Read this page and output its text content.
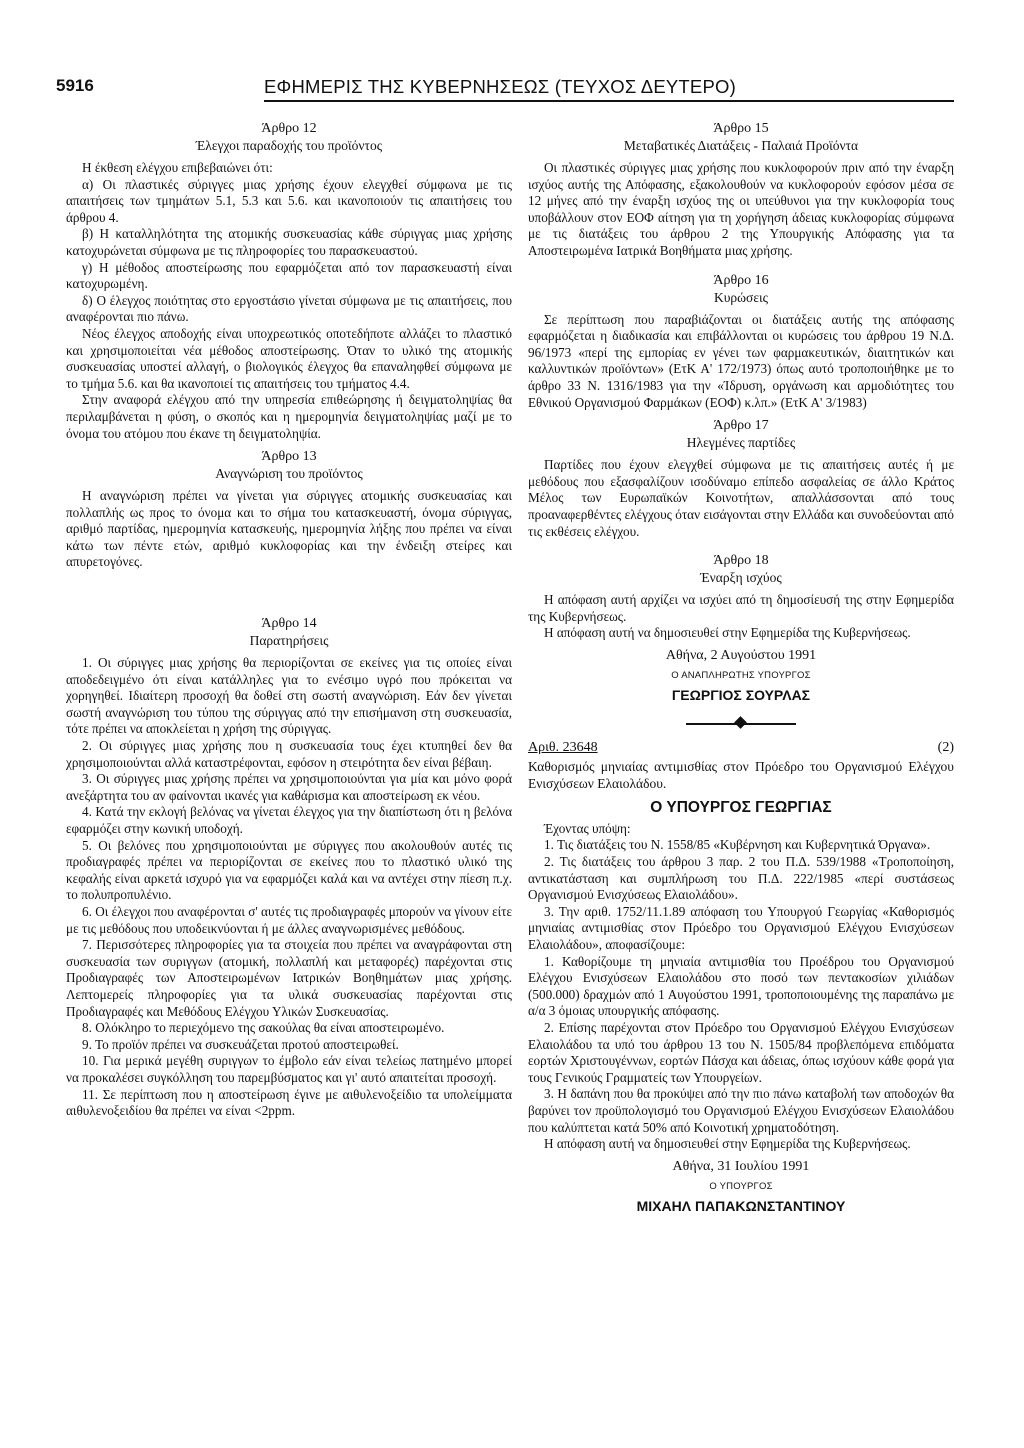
5916	ΕΦΗΜΕΡΙΣ ΤΗΣ ΚΥΒΕΡΝΗΣΕΩΣ (ΤΕΥΧΟΣ ΔΕΥΤΕΡΟ)

Άρθρο 12

Έλεγχοι παραδοχής του προϊόντος

Η έκθεση ελέγχου επιβεβαιώνει ότι:

α) Οι πλαστικές σύριγγες μιας χρήσης έχουν ελεγχθεί σύμφωνα με τις απαιτήσεις των τμημάτων 5.1, 5.3 και 5.6. και ικανοποιούν τις απαιτήσεις του άρθρου 4.

β) Η καταλληλότητα της ατομικής συσκευασίας κάθε σύριγγας μιας χρήσης κατοχυρώνεται σύμφωνα με τις πληροφορίες του παρασκευαστού.

γ) Η μέθοδος αποστείρωσης που εφαρμόζεται από τον παρασκευαστή είναι κατοχυρωμένη.

δ) Ο έλεγχος ποιότητας στο εργοστάσιο γίνεται σύμφωνα με τις απαιτήσεις, που αναφέρονται πιο πάνω.

Νέος έλεγχος αποδοχής είναι υποχρεωτικός οποτεδήποτε αλλάζει το πλαστικό και χρησιμοποιείται νέα μέθοδος αποστείρωσης. Όταν το υλικό της ατομικής συσκευασίας υποστεί αλλαγή, ο βιολογικός έλεγχος θα επαναληφθεί σύμφωνα με το τμήμα 5.6. και θα ικανοποιεί τις απαιτήσεις του τμήματος 4.4.

Στην αναφορά ελέγχου από την υπηρεσία επιθεώρησης ή δειγματοληψίας θα περιλαμβάνεται η φύση, ο σκοπός και η ημερομηνία δειγματοληψίας μαζί με το όνομα του ατόμου που έκανε τη δειγματοληψία.

Άρθρο 13

Αναγνώριση του προϊόντος

Η αναγνώριση πρέπει να γίνεται για σύριγγες ατομικής συσκευασίας και πολλαπλής ως προς το όνομα και το σήμα του κατασκευαστή, όνομα σύριγγας, αριθμό παρτίδας, ημερομηνία κατασκευής, ημερομηνία λήξης που πρέπει να είναι κάτω των πέντε ετών, αριθμό κυκλοφορίας και την ένδειξη στείρες και απυρετογόνες.

Άρθρο 14

Παρατηρήσεις

1. Οι σύριγγες μιας χρήσης θα περιορίζονται σε εκείνες για τις οποίες είναι αποδεδειγμένο ότι είναι κατάλληλες για το ενέσιμο υγρό που πρόκειται να χορηγηθεί. Ιδιαίτερη προσοχή θα δοθεί στη σωστή αναγνώριση. Εάν δεν γίνεται σωστή αναγνώριση του τύπου της σύριγγας από την επισήμανση στη συσκευασία, τότε πρέπει να αποκλείεται η χρήση της σύριγγας.

2. Οι σύριγγες μιας χρήσης που η συσκευασία τους έχει κτυπηθεί δεν θα χρησιμοποιούνται αλλά καταστρέφονται, εφόσον η στειρότητα δεν είναι βέβαιη.

3. Οι σύριγγες μιας χρήσης πρέπει να χρησιμοποιούνται για μία και μόνο φορά ανεξάρτητα του αν φαίνονται ικανές για καθάρισμα και αποστείρωση εκ νέου.

4. Κατά την εκλογή βελόνας να γίνεται έλεγχος για την διαπίστωση ότι η βελόνα εφαρμόζει στην κωνική υποδοχή.

5. Οι βελόνες που χρησιμοποιούνται με σύριγγες που ακολουθούν αυτές τις προδιαγραφές πρέπει να περιορίζονται σε εκείνες που το πλαστικό υλικό της κεφαλής είναι αρκετά ισχυρό για να εφαρμόζει καλά και να αντέχει στην πίεση π.χ. το πολυπροπυλένιο.

6. Οι έλεγχοι που αναφέρονται σ' αυτές τις προδιαγραφές μπορούν να γίνουν είτε με τις μεθόδους που υποδεικνύονται ή με άλλες αναγνωρισμένες μεθόδους.

7. Περισσότερες πληροφορίες για τα στοιχεία που πρέπει να αναγράφονται στη συσκευασία των συριγγων (ατομική, πολλαπλή και μεταφορές) παρέχονται στις Προδιαγραφές των Αποστειρωμένων Ιατρικών Βοηθημάτων μιας χρήσης. Λεπτομερείς πληροφορίες για τα υλικά συσκευασίας παρέχονται στις Προδιαγραφές και Μεθόδους Ελέγχου Υλικών Συσκευασίας.

8. Ολόκληρο το περιεχόμενο της σακούλας θα είναι αποστειρωμένο.

9. Το προϊόν πρέπει να συσκευάζεται προτού αποστειρωθεί.

10. Για μερικά μεγέθη συριγγων το έμβολο εάν είναι τελείως πατημένο μπορεί να προκαλέσει συγκόλληση του παρεμβύσματος και γι' αυτό απαιτείται προσοχή.

11. Σε περίπτωση που η αποστείρωση έγινε με αιθυλενοξείδιο τα υπολείμματα αιθυλενοξειδίου θα πρέπει να είναι <2ppm.

Άρθρο 15

Μεταβατικές Διατάξεις - Παλαιά Προϊόντα

Οι πλαστικές σύριγγες μιας χρήσης που κυκλοφορούν πριν από την έναρξη ισχύος αυτής της Απόφασης, εξακολουθούν να κυκλοφορούν εφόσον μέσα σε 12 μήνες από την έναρξη ισχύος της οι υπεύθυνοι για την κυκλοφορία τους υποβάλλουν στον ΕΟΦ αίτηση για τη χορήγηση άδειας κυκλοφορίας σύμφωνα με τις διατάξεις του άρθρου 2 της Υπουργικής Απόφασης για τα Αποστειρωμένα Ιατρικά Βοηθήματα μιας χρήσης.

Άρθρο 16

Κυρώσεις

Σε περίπτωση που παραβιάζονται οι διατάξεις αυτής της απόφασης εφαρμόζεται η διαδικασία και επιβάλλονται οι κυρώσεις του άρθρου 19 Ν.Δ. 96/1973 «περί της εμπορίας εν γένει των φαρμακευτικών, διαιτητικών και καλλυντικών προϊόντων» (ΕτΚ Α' 172/1973) όπως αυτό τροποποιήθηκε με το άρθρο 33 Ν. 1316/1983 για την «Ίδρυση, οργάνωση και αρμοδιότητες του Εθνικού Οργανισμού Φαρμάκων (ΕΟΦ) κ.λπ.» (ΕτΚ Α' 3/1983)

Άρθρο 17

Ηλεγμένες παρτίδες

Παρτίδες που έχουν ελεγχθεί σύμφωνα με τις απαιτήσεις αυτές ή με μεθόδους που εξασφαλίζουν ισοδύναμο επίπεδο ασφαλείας σε άλλο Κράτος Μέλος των Ευρωπαϊκών Κοινοτήτων, απαλλάσσονται από τους προαναφερθέντες ελέγχους όταν εισάγονται στην Ελλάδα και συνοδεύονται από τις εκθέσεις ελέγχου.

Άρθρο 18

Έναρξη ισχύος

Η απόφαση αυτή αρχίζει να ισχύει από τη δημοσίευσή της στην Εφημερίδα της Κυβερνήσεως.

Η απόφαση αυτή να δημοσιευθεί στην Εφημερίδα της Κυβερνήσεως.

Αθήνα, 2 Αυγούστου 1991

Ο ΑΝΑΠΛΗΡΩΤΗΣ ΥΠΟΥΡΓΟΣ

ΓΕΩΡΓΙΟΣ ΣΟΥΡΛΑΣ

Αριθ. 23648	(2)

Καθορισμός μηνιαίας αντιμισθίας στον Πρόεδρο του Οργανισμού Ελέγχου Ενισχύσεων Ελαιολάδου.

Ο ΥΠΟΥΡΓΟΣ ΓΕΩΡΓΙΑΣ

Έχοντας υπόψη:

1. Τις διατάξεις του Ν. 1558/85 «Κυβέρνηση και Κυβερνητικά Όργανα».

2. Τις διατάξεις του άρθρου 3 παρ. 2 του Π.Δ. 539/1988 «Τροποποίηση, αντικατάσταση και συμπλήρωση του Π.Δ. 222/1985 «περί συστάσεως Οργανισμού Ενισχύσεως Ελαιολάδου».

3. Την αριθ. 1752/11.1.89 απόφαση του Υπουργού Γεωργίας «Καθορισμός μηνιαίας αντιμισθίας στον Πρόεδρο του Οργανισμού Ελέγχου Ενισχύσεων Ελαιολάδου», αποφασίζουμε:

1. Καθορίζουμε τη μηνιαία αντιμισθία του Προέδρου του Οργανισμού Ελέγχου Ενισχύσεων Ελαιολάδου στο ποσό των πεντακοσίων χιλιάδων (500.000) δραχμών από 1 Αυγούστου 1991, τροποποιουμένης της παραπάνω με α/α 3 όμοιας υπουργικής απόφασης.

2. Επίσης παρέχονται στον Πρόεδρο του Οργανισμού Ελέγχου Ενισχύσεων Ελαιολάδου τα υπό του άρθρου 13 του Ν. 1505/84 προβλεπόμενα επιδόματα εορτών Χριστουγέννων, εορτών Πάσχα και άδειας, όπως ισχύουν κάθε φορά για τους Γενικούς Γραμματείς των Υπουργείων.

3. Η δαπάνη που θα προκύψει από την πιο πάνω καταβολή των αποδοχών θα βαρύνει τον προϋπολογισμό του Οργανισμού Ελέγχου Ενισχύσεων Ελαιολάδου που καλύπτεται κατά 50% από Κοινοτική χρηματοδότηση.

Η απόφαση αυτή να δημοσιευθεί στην Εφημερίδα της Κυβερνήσεως.

Αθήνα, 31 Ιουλίου 1991

Ο ΥΠΟΥΡΓΟΣ

ΜΙΧΑΗΛ ΠΑΠΑΚΩΝΣΤΑΝΤΙΝΟΥ
